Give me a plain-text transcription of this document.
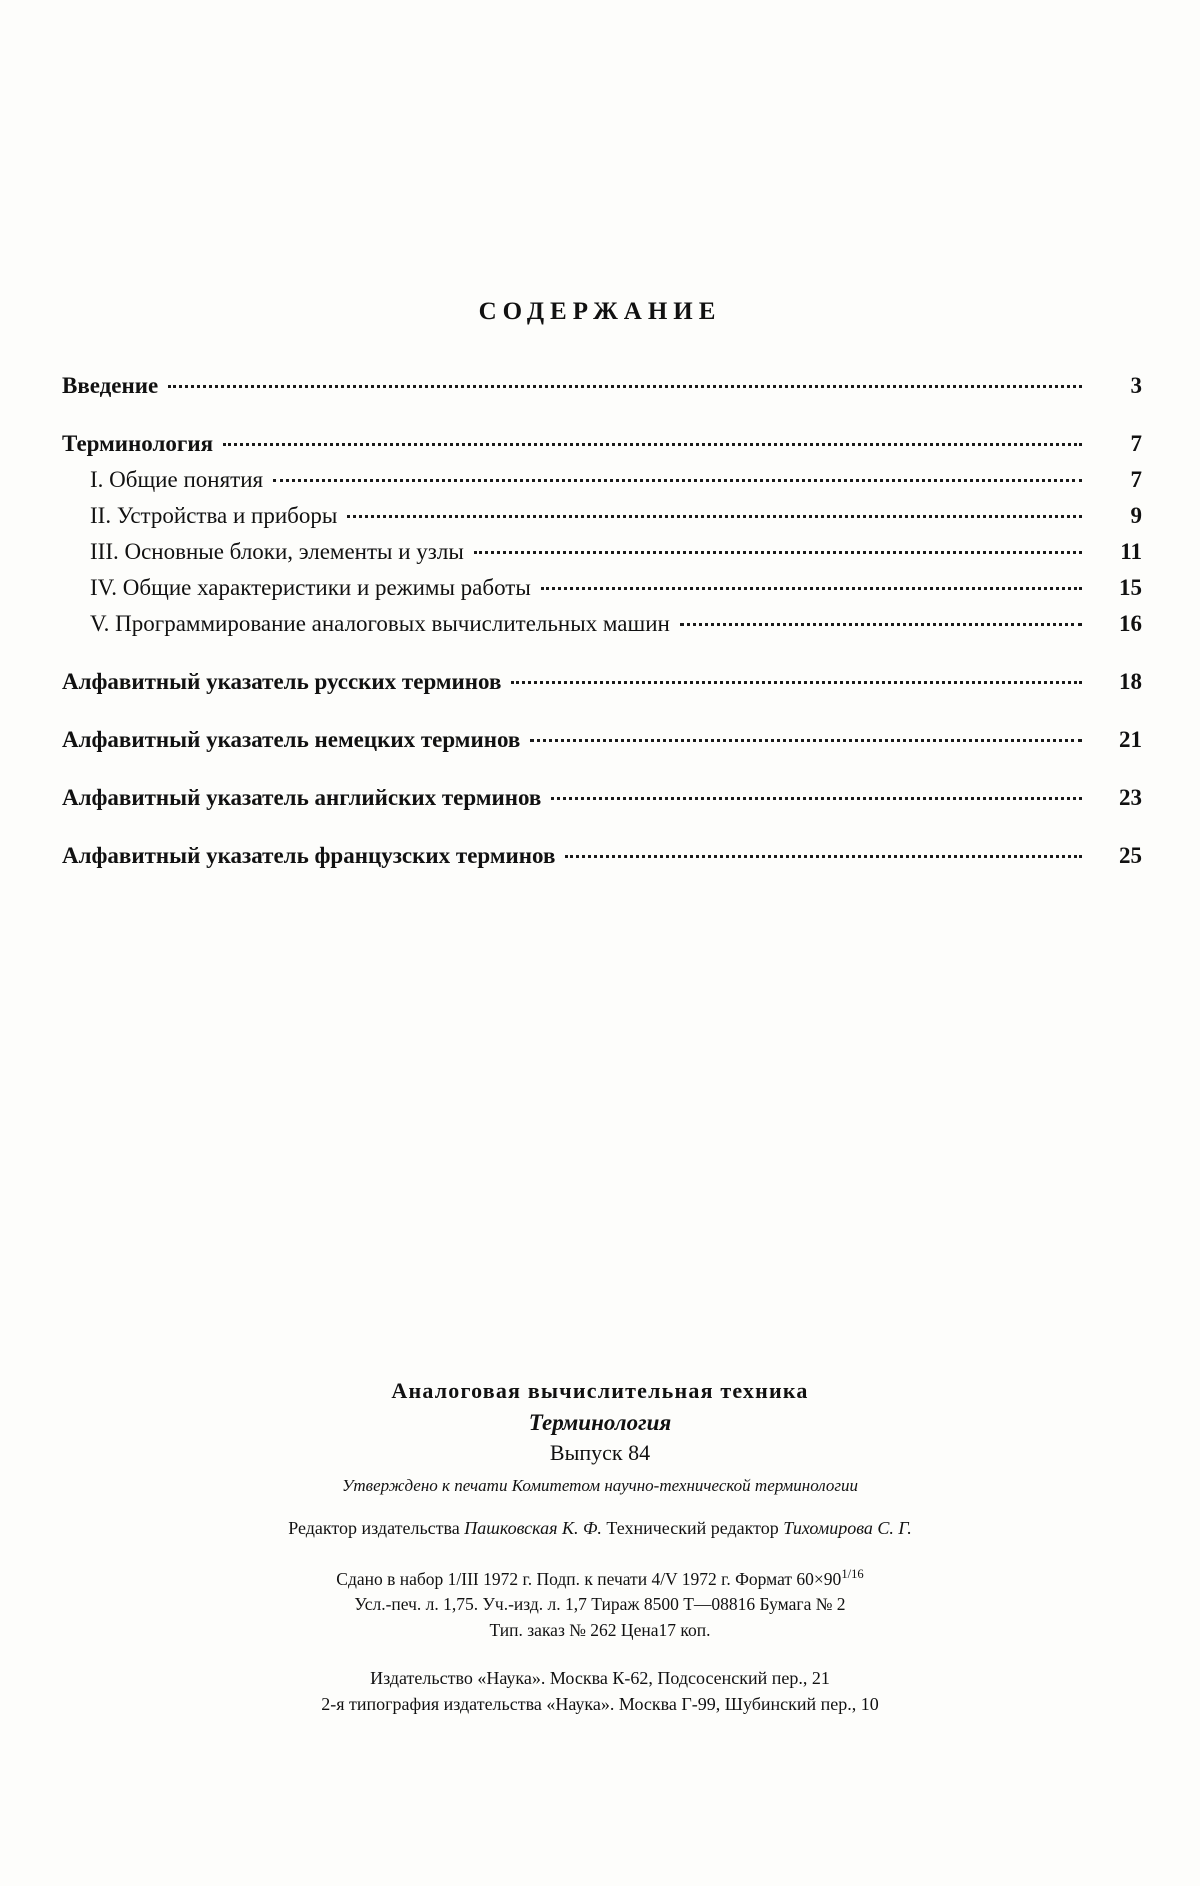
СОДЕРЖАНИЕ
Введение	3
Терминология	7
I. Общие понятия	7
II. Устройства и приборы	9
III. Основные блоки, элементы и узлы	11
IV. Общие характеристики и режимы работы	15
V. Программирование аналоговых вычислительных машин	16
Алфавитный указатель русских терминов	18
Алфавитный указатель немецких терминов	21
Алфавитный указатель английских терминов	23
Алфавитный указатель французских терминов	25
Аналоговая вычислительная техника
Терминология
Выпуск 84
Утверждено к печати Комитетом научно-технической терминологии
Редактор издательства Пашковская К. Ф. Технический редактор Тихомирова С. Г.
Сдано в набор 1/III 1972 г. Подп. к печати 4/V 1972 г. Формат $60\times 90^{1/16}$
Усл.-печ. л. 1,75. Уч.-изд. л. 1,7 Тираж 8500 Т—08816 Бумага № 2
Тип. заказ № 262 Цена17 коп.
Издательство «Наука». Москва К-62, Подсосенский пер., 21
2-я типография издательства «Наука». Москва Г-99, Шубинский пер., 10
